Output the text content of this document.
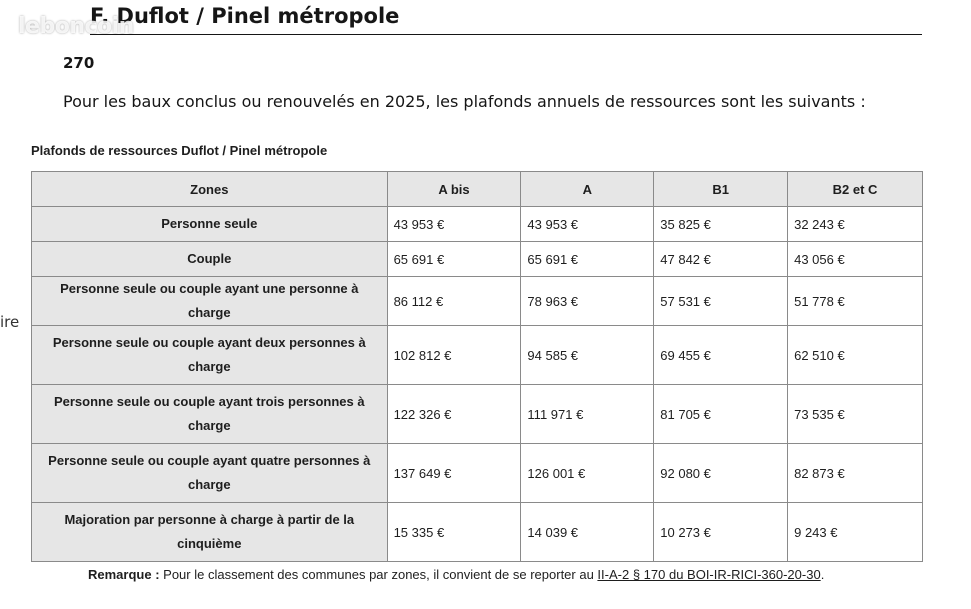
leboncoin
F. Duflot / Pinel métropole
270
Pour les baux conclus ou renouvelés en 2025, les plafonds annuels de ressources sont les suivants :
ire
Plafonds de ressources Duflot / Pinel métropole
Zones	A bis	A	B1	B2 et C
Personne seule	43 953 €	43 953 €	35 825 €	32 243 €
Couple	65 691 €	65 691 €	47 842 €	43 056 €
Personne seule ou couple ayant une personne à charge	86 112 €	78 963 €	57 531 €	51 778 €
Personne seule ou couple ayant deux personnes à charge	102 812 €	94 585 €	69 455 €	62 510 €
Personne seule ou couple ayant trois personnes à charge	122 326 €	111 971 €	81 705 €	73 535 €
Personne seule ou couple ayant quatre personnes à charge	137 649 €	126 001 €	92 080 €	82 873 €
Majoration par personne à charge à partir de la cinquième	15 335 €	14 039 €	10 273 €	9 243 €
Remarque : Pour le classement des communes par zones, il convient de se reporter au II-A-2 § 170 du BOI-IR-RICI-360-20-30.
